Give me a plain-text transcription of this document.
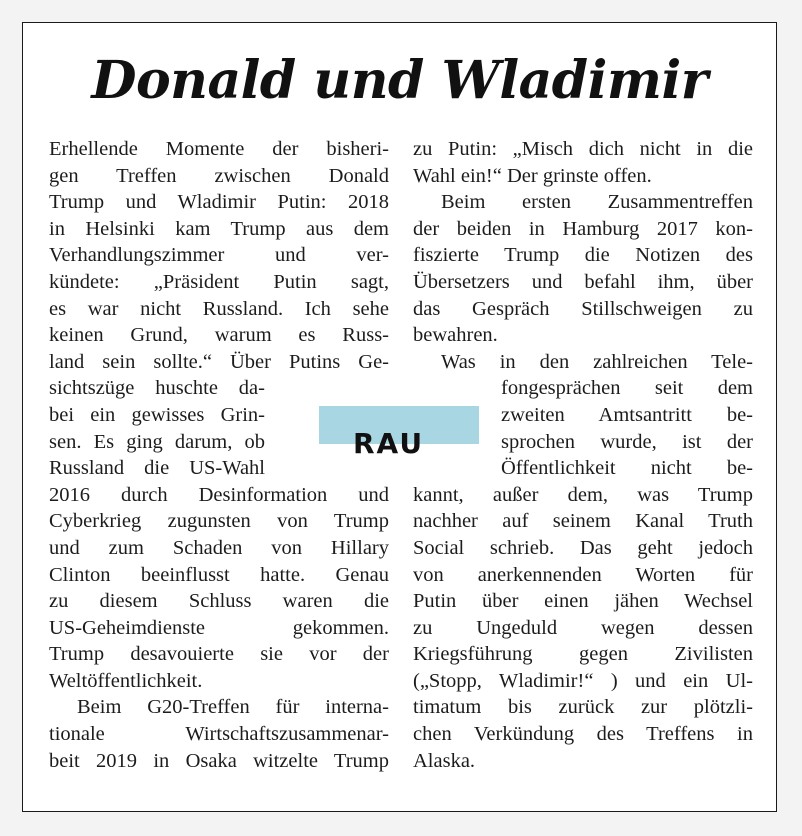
Donald und Wladimir
Erhellende Momente der bisheri-
gen Treffen zwischen Donald
Trump und Wladimir Putin: 2018
in Helsinki kam Trump aus dem
Verhandlungszimmer und ver-
kündete: „Präsident Putin sagt,
es war nicht Russland. Ich sehe
keinen Grund, warum es Russ-
land sein sollte.“ Über Putins Ge-
sichtszüge huschte da-
bei ein gewisses Grin-
sen. Es ging darum, ob
Russland die US-Wahl
2016 durch Desinformation und
Cyberkrieg zugunsten von Trump
und zum Schaden von Hillary
Clinton beeinflusst hatte. Genau
zu diesem Schluss waren die
US-Geheimdienste gekommen.
Trump desavouierte sie vor der
Weltöffentlichkeit.
Beim G20-Treffen für interna-
tionale Wirtschaftszusammenar-
beit 2019 in Osaka witzelte Trump
zu Putin: „Misch dich nicht in die
Wahl ein!“ Der grinste offen.
Beim ersten Zusammentreffen
der beiden in Hamburg 2017 kon-
fiszierte Trump die Notizen des
Übersetzers und befahl ihm, über
das Gespräch Stillschweigen zu
bewahren.
Was in den zahlreichen Tele-
fongesprächen seit dem
zweiten Amtsantritt be-
sprochen wurde, ist der
Öffentlichkeit nicht be-
kannt, außer dem, was Trump
nachher auf seinem Kanal Truth
Social schrieb. Das geht jedoch
von anerkennenden Worten für
Putin über einen jähen Wechsel
zu Ungeduld wegen dessen
Kriegsführung gegen Zivilisten
(„Stopp, Wladimir!“ ) und ein Ul-
timatum bis zurück zur plötzli-
chen Verkündung des Treffens in
Alaska.
RAU
